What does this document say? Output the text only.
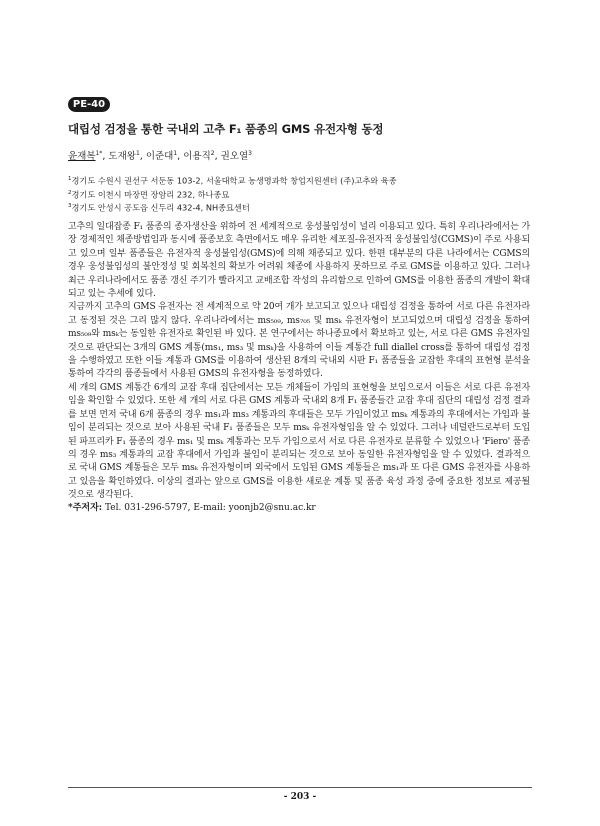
PE-40
대립성 검정을 통한 국내외 고추 F₁ 품종의 GMS 유전자형 동정
윤재복$^{1*}$, 도재왕$^1$, 이준대$^1$, 이용직$^2$, 권오열$^3$
$^1$경기도 수원시 권선구 서둔동 103-2, 서울대학교 농생명과학 창업지원센터 (주)고추와 육종
$^2$경기도 이천시 마장면 장암리 232, 하나종묘
$^3$경기도 안성시 공도읍 신두리 432-4, NH종묘센터

고추의 일대잡종 F₁ 품종의 종자생산을 위하여 전 세계적으로 웅성불임성이 널리 이용되고 있다. 특히 우리나라에서는 가장 경제적인 채종방법임과 동시에 품종보호 측면에서도 매우 유리한 세포질-유전자적 웅성불임성(CGMS)이 주로 사용되고 있으며 일부 품종들은 유전자적 웅성불임성(GMS)에 의해 채종되고 있다. 한편 대부분의 다른 나라에서는 CGMS의 경우 웅성불임성의 불안정성 및 회복친의 확보가 어려워 채종에 사용하지 못하므로 주로 GMS를 이용하고 있다. 그러나 최근 우리나라에서도 품종 갱신 주기가 빨라지고 교배조합 작성의 유리함으로 인하여 GMS를 이용한 품종의 개발이 확대되고 있는 추세에 있다.

지금까지 고추의 GMS 유전자는 전 세계적으로 약 20여 개가 보고되고 있으나 대립성 검정을 통하여 서로 다른 유전자라고 동정된 것은 그리 많지 않다. 우리나라에서는 ms₅₀₉, ms₇₀₅ 및 msₖ 유전자형이 보고되었으며 대립성 검정을 통하여 ms₅₀₉와 msₖ는 동일한 유전자로 확인된 바 있다. 본 연구에서는 하나종묘에서 확보하고 있는, 서로 다른 GMS 유전자일 것으로 판단되는 3개의 GMS 계통(ms₁, ms₃ 및 msₖ)을 사용하여 이들 계통간 full diallel cross를 통하여 대립성 검정을 수행하였고 또한 이들 계통과 GMS를 이용하여 생산된 8개의 국내외 시판 F₁ 품종들을 교잡한 후대의 표현형 분석을 통하여 각각의 품종들에서 사용된 GMS의 유전자형을 동정하였다.

세 개의 GMS 계통간 6개의 교잡 후대 집단에서는 모든 개체들이 가임의 표현형을 보임으로서 이들은 서로 다른 유전자임을 확인할 수 있었다. 또한 세 개의 서로 다른 GMS 계통과 국내외 8개 F₁ 품종들간 교잡 후대 집단의 대립성 검정 결과를 보면 먼저 국내 6개 품종의 경우 ms₁과 ms₃ 계통과의 후대들은 모두 가임이었고 msₖ 계통과의 후대에서는 가임과 불임이 분리되는 것으로 보아 사용된 국내 F₁ 품종들은 모두 msₖ 유전자형임을 알 수 있었다. 그러나 네덜란드로부터 도입된 파프리카 F₁ 품종의 경우 ms₁ 및 msₖ 계통과는 모두 가임으로서 서로 다른 유전자로 분류할 수 있었으나 'Fiero' 품종의 경우 ms₃ 계통과의 교잡 후대에서 가임과 불임이 분리되는 것으로 보아 동일한 유전자형임을 알 수 있었다. 결과적으로 국내 GMS 계통들은 모두 msₖ 유전자형이며 외국에서 도입된 GMS 계통들은 ms₁과 또 다른 GMS 유전자를 사용하고 있음을 확인하였다. 이상의 결과는 앞으로 GMS를 이용한 새로운 계통 및 품종 육성 과정 중에 중요한 정보로 제공될 것으로 생각된다.

*주저자: Tel. 031-296-5797, E-mail: yoonjb2@snu.ac.kr
- 203 -
